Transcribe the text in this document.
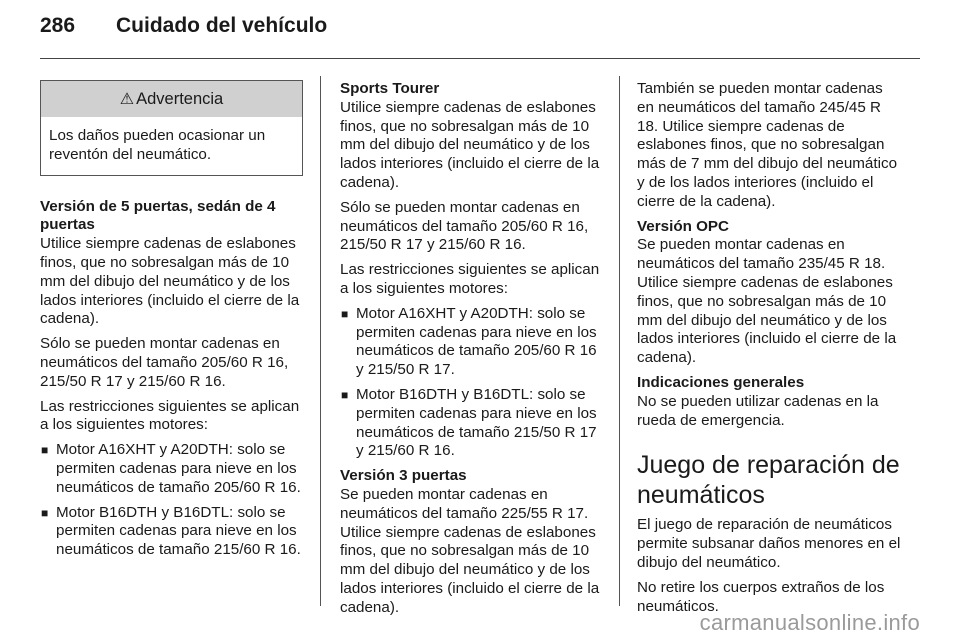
286 Cuidado del vehículo
⚠ Advertencia
Los daños pueden ocasionar un reventón del neumático.

Versión de 5 puertas, sedán de 4 puertas

Utilice siempre cadenas de eslabones finos, que no sobresalgan más de 10 mm del dibujo del neumático y de los lados interiores (incluido el cierre de la cadena).

Sólo se pueden montar cadenas en neumáticos del tamaño 205/60 R 16, 215/50 R 17 y 215/60 R 16.

Las restricciones siguientes se aplican a los siguientes motores:

■ Motor A16XHT y A20DTH: solo se permiten cadenas para nieve en los neumáticos de tamaño 205/60 R 16.
■ Motor B16DTH y B16DTL: solo se permiten cadenas para nieve en los neumáticos de tamaño 215/60 R 16.

Sports Tourer

Utilice siempre cadenas de eslabones finos, que no sobresalgan más de 10 mm del dibujo del neumático y de los lados interiores (incluido el cierre de la cadena).

Sólo se pueden montar cadenas en neumáticos del tamaño 205/60 R 16, 215/50 R 17 y 215/60 R 16.

Las restricciones siguientes se aplican a los siguientes motores:

■ Motor A16XHT y A20DTH: solo se permiten cadenas para nieve en los neumáticos de tamaño 205/60 R 16 y 215/50 R 17.
■ Motor B16DTH y B16DTL: solo se permiten cadenas para nieve en los neumáticos de tamaño 215/50 R 17 y 215/60 R 16.

Versión 3 puertas

Se pueden montar cadenas en neumáticos del tamaño 225/55 R 17. Utilice siempre cadenas de eslabones finos, que no sobresalgan más de 10 mm del dibujo del neumático y de los lados interiores (incluido el cierre de la cadena).

También se pueden montar cadenas en neumáticos del tamaño 245/45 R 18. Utilice siempre cadenas de eslabones finos, que no sobresalgan más de 7 mm del dibujo del neumático y de los lados interiores (incluido el cierre de la cadena).

Versión OPC

Se pueden montar cadenas en neumáticos del tamaño 235/45 R 18. Utilice siempre cadenas de eslabones finos, que no sobresalgan más de 10 mm del dibujo del neumático y de los lados interiores (incluido el cierre de la cadena).

Indicaciones generales

No se pueden utilizar cadenas en la rueda de emergencia.

Juego de reparación de neumáticos

El juego de reparación de neumáticos permite subsanar daños menores en el dibujo del neumático.

No retire los cuerpos extraños de los neumáticos.

carmanualsonline.info
